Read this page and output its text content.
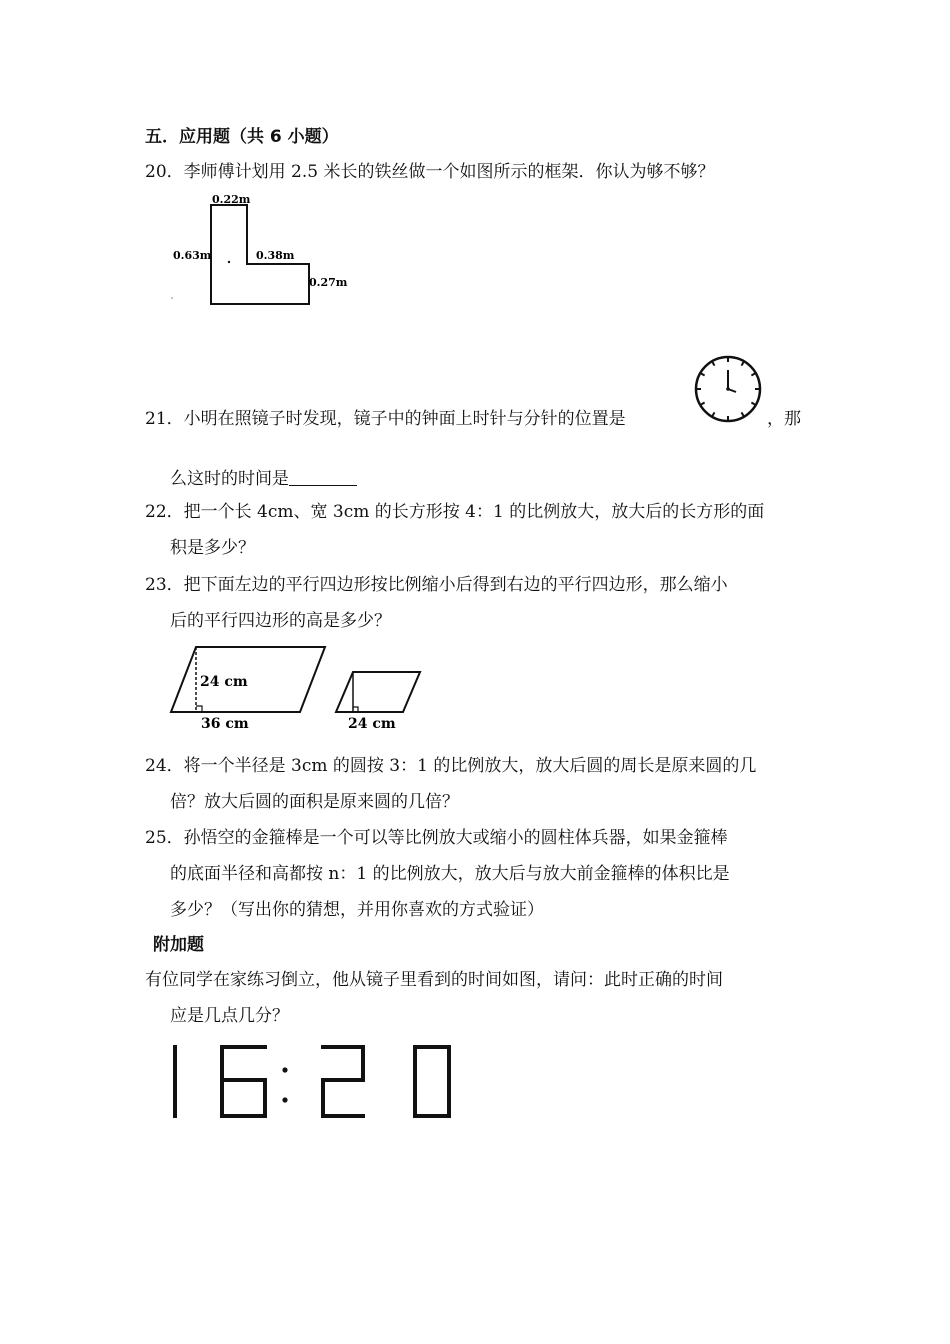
五．应用题（共 6 小题）
20．李师傅计划用 2.5 米长的铁丝做一个如图所示的框架．你认为够不够？
0.22m
0.63m	0.38m
0.27m
21．小明在照镜子时发现，镜子中的钟面上时针与分针的位置是	，那
么这时的时间是
22．把一个长 4cm、宽 3cm 的长方形按 4：1 的比例放大，放大后的长方形的面
积是多少？
23．把下面左边的平行四边形按比例缩小后得到右边的平行四边形，那么缩小
后的平行四边形的高是多少？
24 cm
36 cm	24 cm
24．将一个半径是 3cm 的圆按 3：1 的比例放大，放大后圆的周长是原来圆的几
倍？放大后圆的面积是原来圆的几倍？
25．孙悟空的金箍棒是一个可以等比例放大或缩小的圆柱体兵器，如果金箍棒
的底面半径和高都按 n：1 的比例放大，放大后与放大前金箍棒的体积比是
多少？（写出你的猜想，并用你喜欢的方式验证）
附加题
有位同学在家练习倒立，他从镜子里看到的时间如图，请问：此时正确的时间
应是几点几分？
